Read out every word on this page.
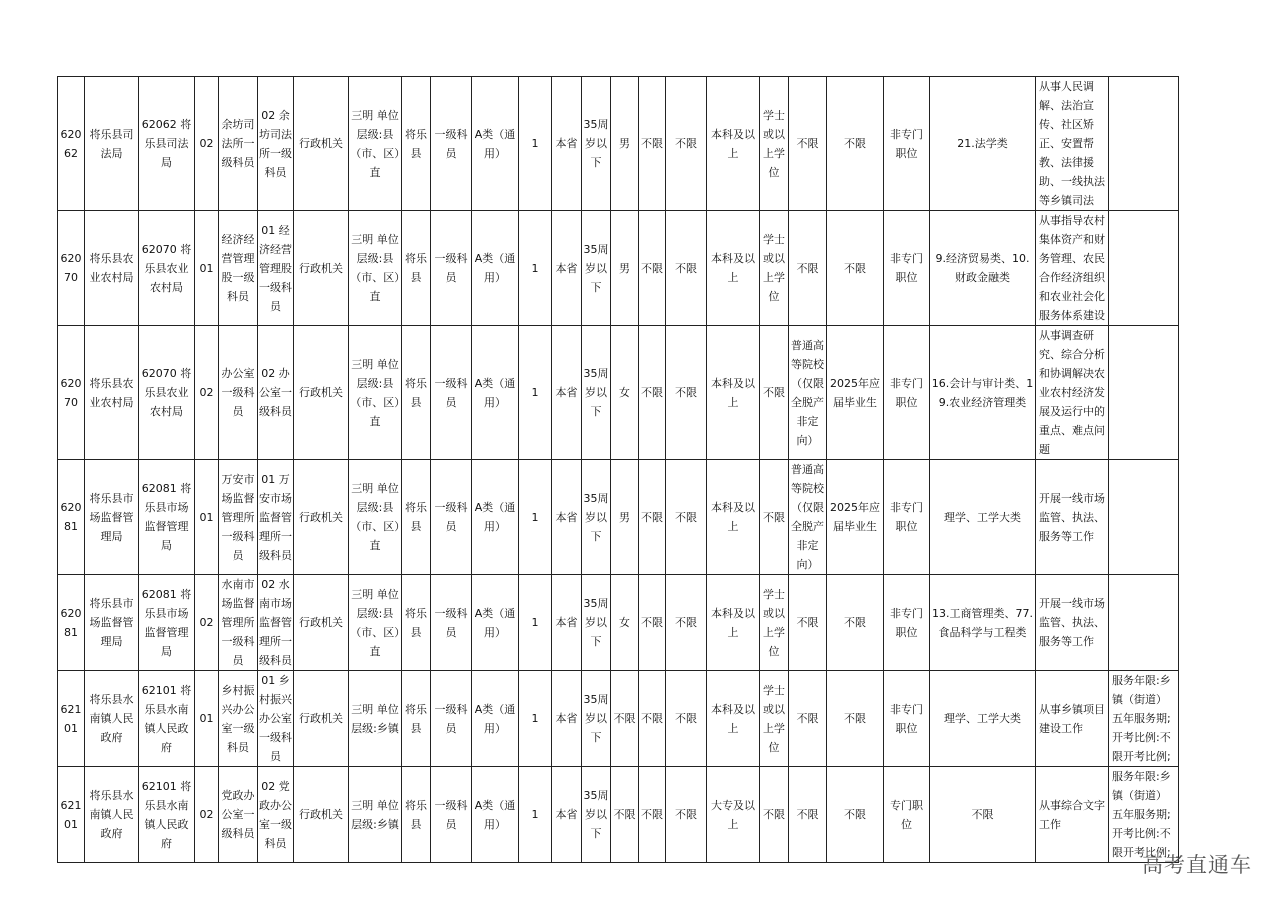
62062	将乐县司法局	62062 将乐县司法局	02	余坊司法所一级科员	02 余坊司法所一级科员	行政机关	三明 单位层级:县（市、区）直	将乐县	一级科员	A类（通用）	1	本省	35周岁以下	男	不限	不限	本科及以上	学士或以上学位	不限	不限	非专门职位	21.法学类	从事人民调解、法治宣传、社区矫正、安置帮教、法律援助、一线执法等乡镇司法	
62070	将乐县农业农村局	62070 将乐县农业农村局	01	经济经营管理股一级科员	01 经济经营管理股一级科员	行政机关	三明 单位层级:县（市、区）直	将乐县	一级科员	A类（通用）	1	本省	35周岁以下	男	不限	不限	本科及以上	学士或以上学位	不限	不限	非专门职位	9.经济贸易类、10.财政金融类	从事指导农村集体资产和财务管理、农民合作经济组织和农业社会化服务体系建设	
62070	将乐县农业农村局	62070 将乐县农业农村局	02	办公室一级科员	02 办公室一级科员	行政机关	三明 单位层级:县（市、区）直	将乐县	一级科员	A类（通用）	1	本省	35周岁以下	女	不限	不限	本科及以上	不限	普通高等院校（仅限全脱产非定向）	2025年应届毕业生	非专门职位	16.会计与审计类、19.农业经济管理类	从事调查研究、综合分析和协调解决农业农村经济发展及运行中的重点、难点问题	
62081	将乐县市场监督管理局	62081 将乐县市场监督管理局	01	万安市场监督管理所一级科员	01 万安市场监督管理所一级科员	行政机关	三明 单位层级:县（市、区）直	将乐县	一级科员	A类（通用）	1	本省	35周岁以下	男	不限	不限	本科及以上	不限	普通高等院校（仅限全脱产非定向）	2025年应届毕业生	非专门职位	理学、工学大类	开展一线市场监管、执法、服务等工作	
62081	将乐县市场监督管理局	62081 将乐县市场监督管理局	02	水南市场监督管理所一级科员	02 水南市场监督管理所一级科员	行政机关	三明 单位层级:县（市、区）直	将乐县	一级科员	A类（通用）	1	本省	35周岁以下	女	不限	不限	本科及以上	学士或以上学位	不限	不限	非专门职位	13.工商管理类、77.食品科学与工程类	开展一线市场监管、执法、服务等工作	
62101	将乐县水南镇人民政府	62101 将乐县水南镇人民政府	01	乡村振兴办公室一级科员	01 乡村振兴办公室一级科员	行政机关	三明 单位层级:乡镇	将乐县	一级科员	A类（通用）	1	本省	35周岁以下	不限	不限	不限	本科及以上	学士或以上学位	不限	不限	非专门职位	理学、工学大类	从事乡镇项目建设工作	服务年限:乡镇（街道）五年服务期;开考比例:不限开考比例;
62101	将乐县水南镇人民政府	62101 将乐县水南镇人民政府	02	党政办公室一级科员	02 党政办公室一级科员	行政机关	三明 单位层级:乡镇	将乐县	一级科员	A类（通用）	1	本省	35周岁以下	不限	不限	不限	大专及以上	不限	不限	不限	专门职位	不限	从事综合文字工作	服务年限:乡镇（街道）五年服务期;开考比例:不限开考比例;
高考直通车
